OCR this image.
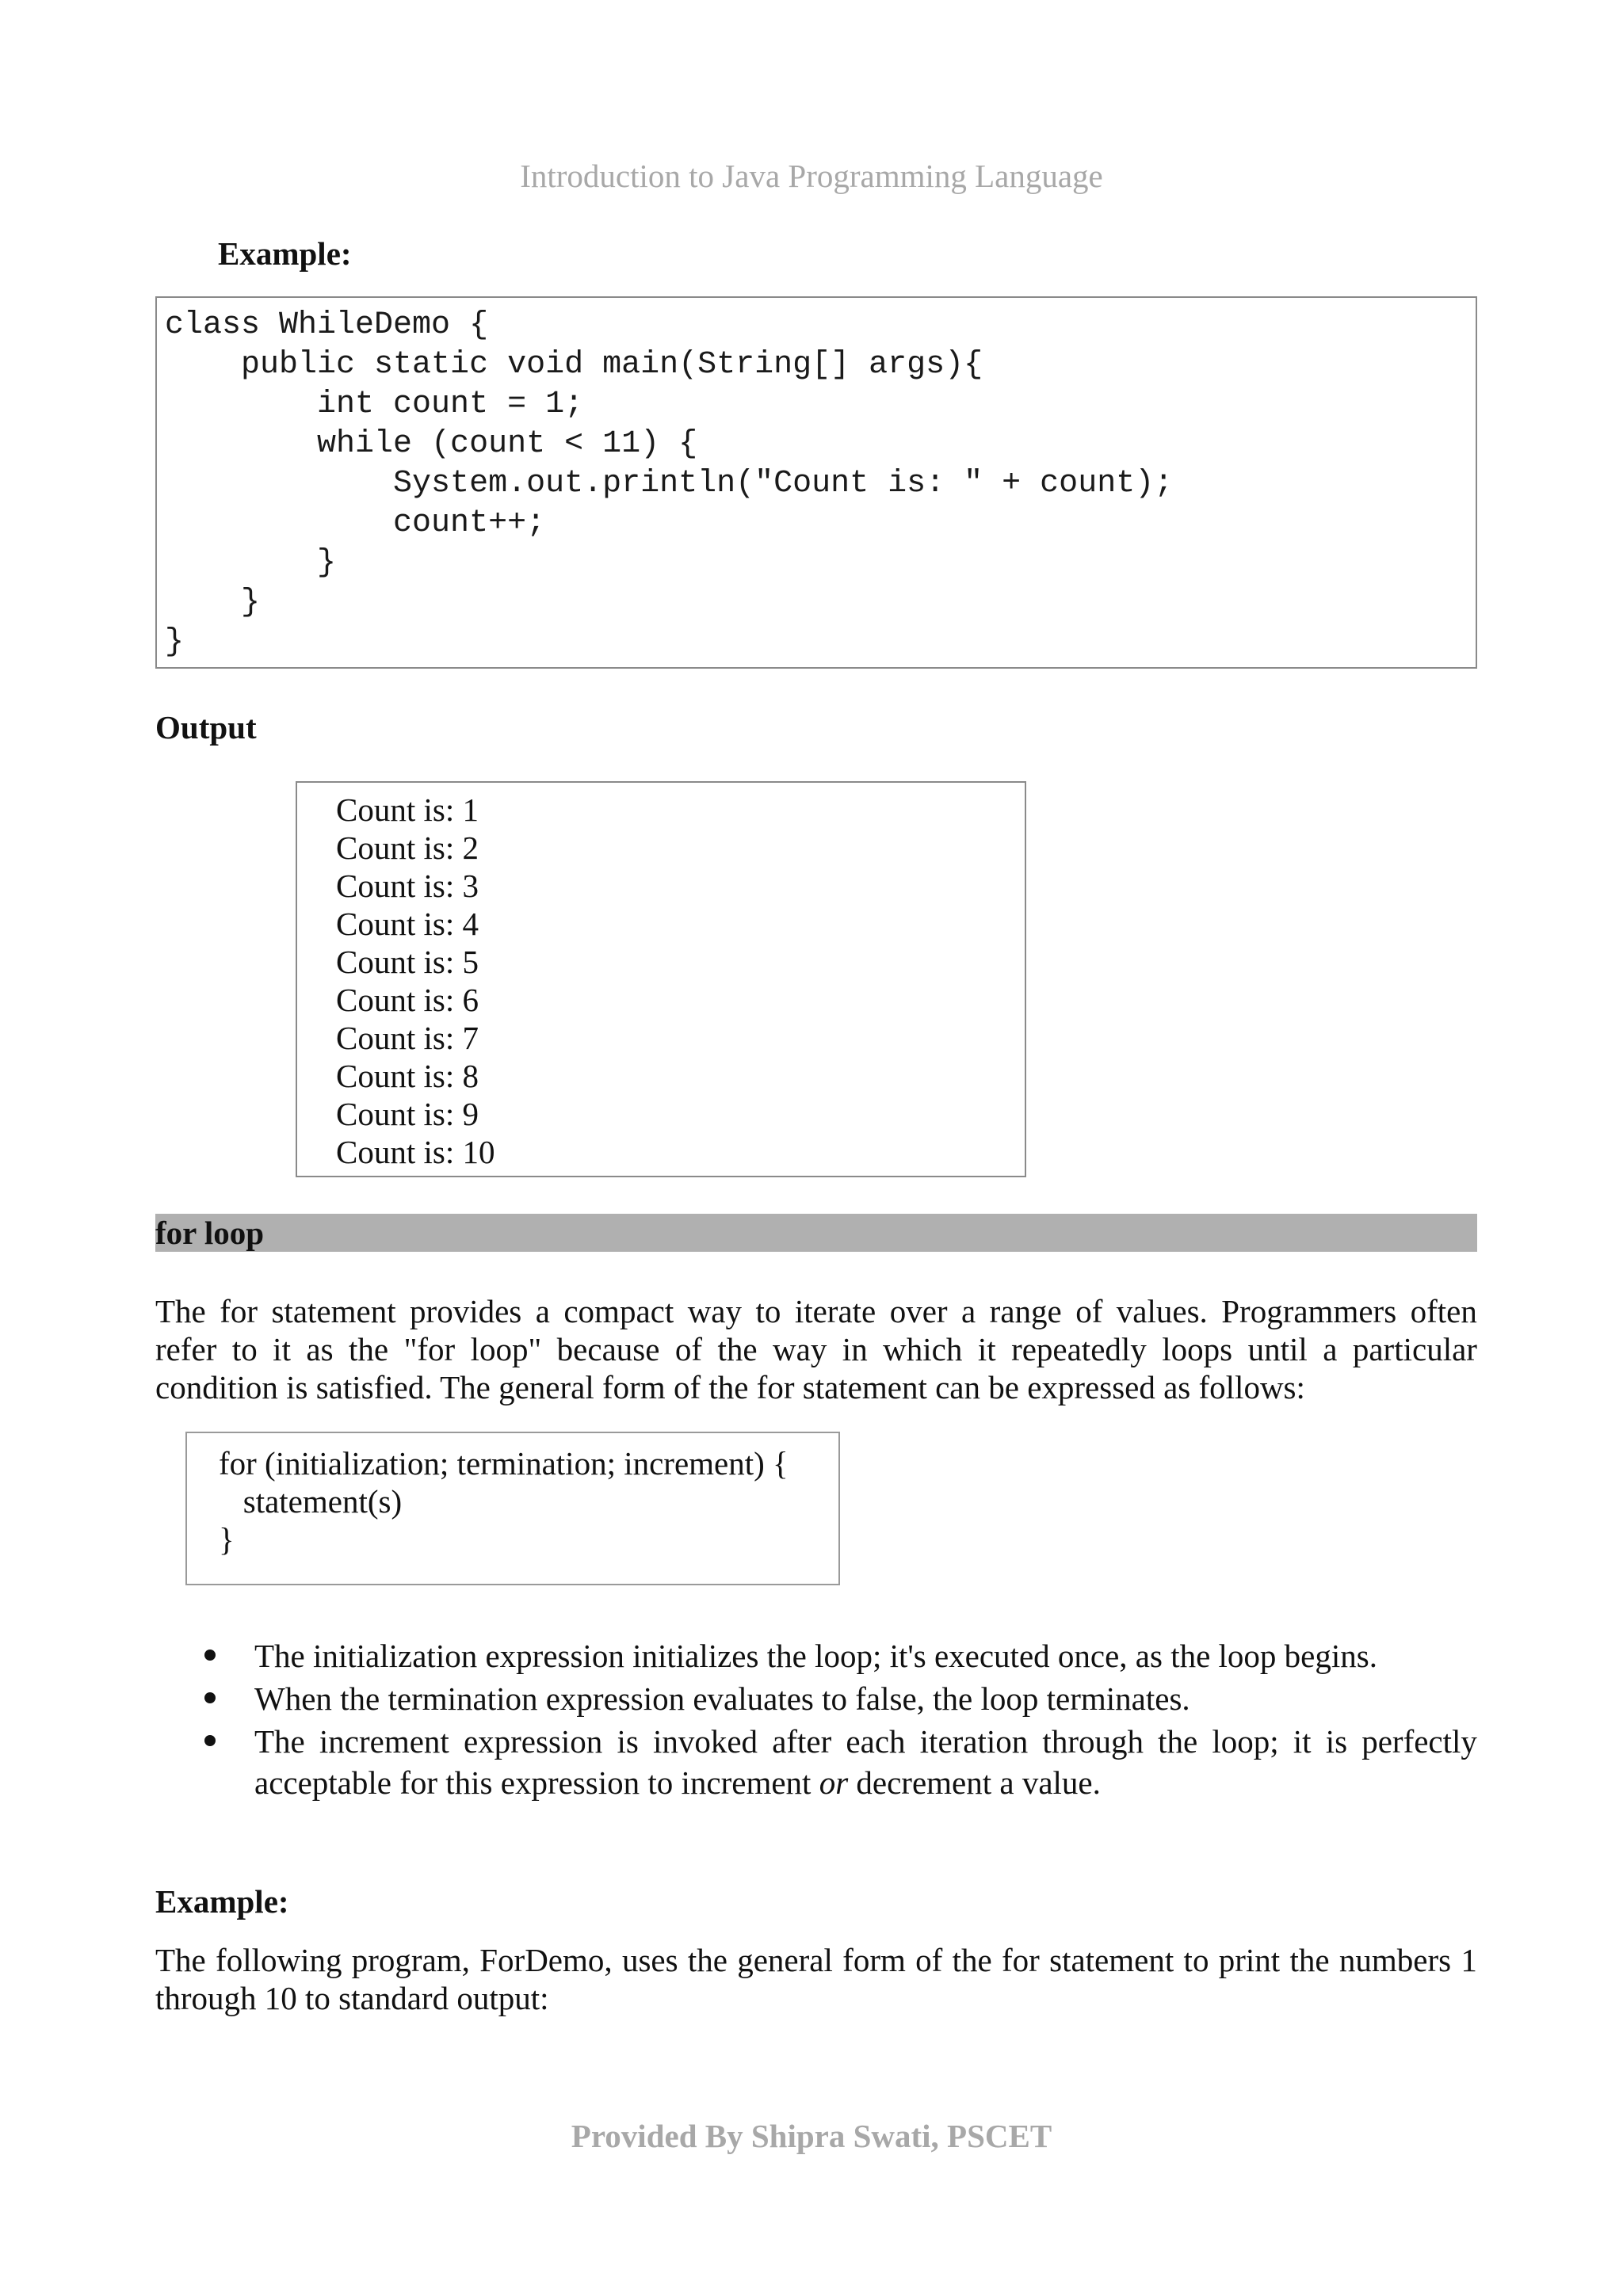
Introduction to Java Programming Language
Example:
class WhileDemo {
public static void main(String[] args){
int count = 1;
while (count < 11) {
System.out.println("Count is: " + count);
count++;
}
}
}
Output
Count is: 1
Count is: 2
Count is: 3
Count is: 4
Count is: 5
Count is: 6
Count is: 7
Count is: 8
Count is: 9
Count is: 10
for loop
The for statement provides a compact way to iterate over a range of values. Programmers often
refer to it as the "for loop" because of the way in which it repeatedly loops until a particular
condition is satisfied. The general form of the for statement can be expressed as follows:
for (initialization; termination; increment) {
statement(s)
}
The initialization expression initializes the loop; it's executed once, as the loop begins.
When the termination expression evaluates to false, the loop terminates.
The increment expression is invoked after each iteration through the loop; it is perfectly
acceptable for this expression to increment or decrement a value.
Example:
The following program, ForDemo, uses the general form of the for statement to print the numbers 1
through 10 to standard output:
Provided By Shipra Swati, PSCET
